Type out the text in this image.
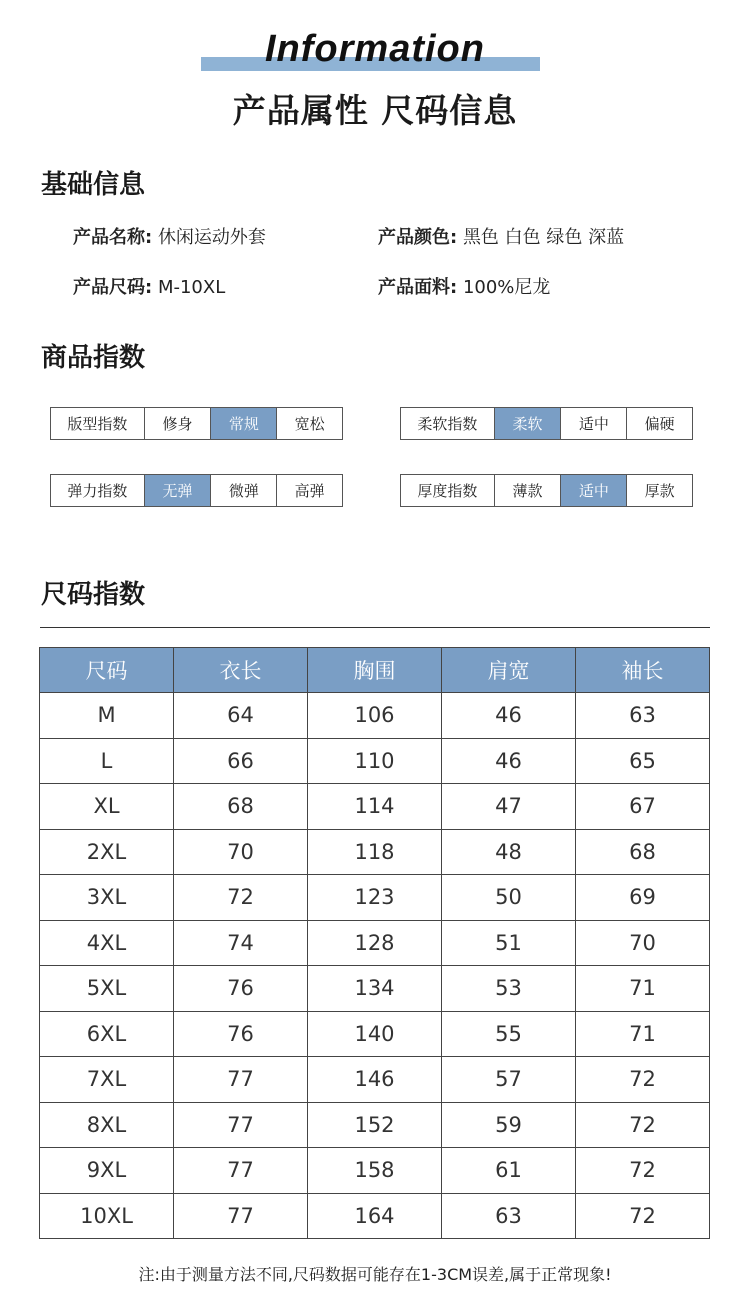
Information
产品属性 尺码信息
基础信息
产品名称: 休闲运动外套	产品颜色: 黑色 白色 绿色 深蓝
产品尺码: M-10XL	产品面料: 100%尼龙
商品指数
版型指数	修身	常规	宽松	柔软指数	柔软	适中	偏硬
弹力指数	无弹	微弹	高弹	厚度指数	薄款	适中	厚款
尺码指数
尺码	衣长	胸围	肩宽	袖长
M	64	106	46	63
L	66	110	46	65
XL	68	114	47	67
2XL	70	118	48	68
3XL	72	123	50	69
4XL	74	128	51	70
5XL	76	134	53	71
6XL	76	140	55	71
7XL	77	146	57	72
8XL	77	152	59	72
9XL	77	158	61	72
10XL	77	164	63	72
注:由于测量方法不同,尺码数据可能存在1-3CM误差,属于正常现象!
